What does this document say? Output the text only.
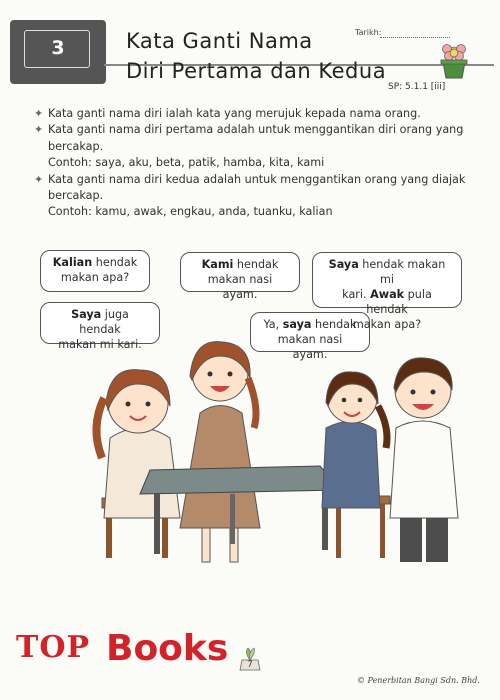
3	Kata Ganti Nama
Diri Pertama dan Kedua
Tarikh:
SP: 5.1.1 [iii]
✦ Kata ganti nama diri ialah kata yang merujuk kepada nama orang.
✦ Kata ganti nama diri pertama adalah untuk menggantikan diri orang yang bercakap.
Contoh: saya, aku, beta, patik, hamba, kita, kami
✦ Kata ganti nama diri kedua adalah untuk menggantikan orang yang diajak bercakap.
Contoh: kamu, awak, engkau, anda, tuanku, kalian
Kalian hendak
makan apa?
Saya juga hendak
makan mi kari.
Kami hendak
makan nasi ayam.
Ya, saya hendak
makan nasi ayam.
Saya hendak makan mi
kari. Awak pula hendak
makan apa?
TOP Books	7
© Penerbitan Bangi Sdn. Bhd.
